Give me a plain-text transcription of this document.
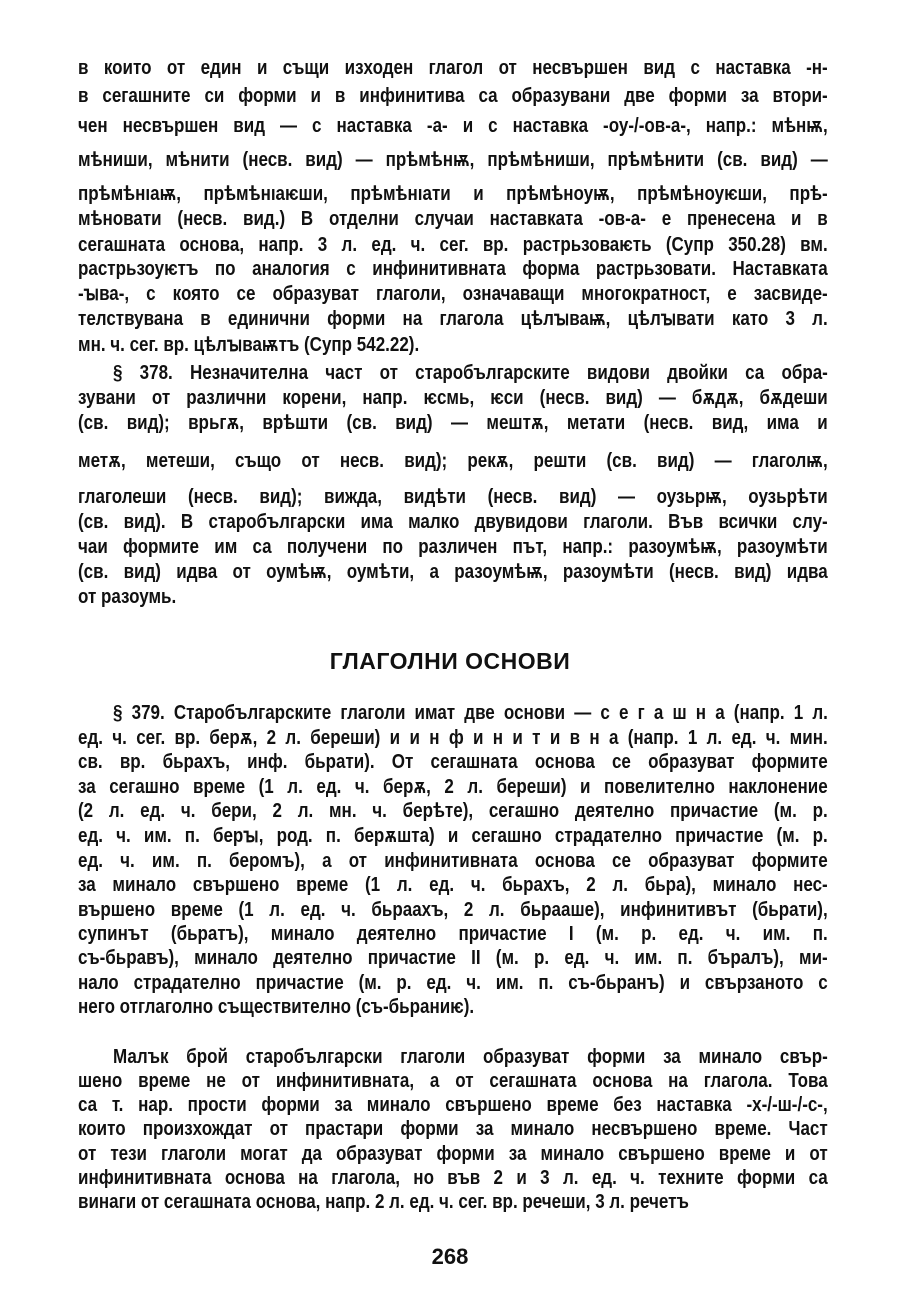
в които от един и същи изходен глагол от несвършен вид с наставка -н-
в сегашните си форми и в инфинитива са образувани две форми за втори-
чен несвършен вид — с наставка -а- и с наставка -оу-/-ов-а-, напр.: мѣнѭ,
мѣниши, мѣнити (несв. вид) — прѣмѣнѭ, прѣмѣниши, прѣмѣнити (св. вид) —
прѣмѣнıаѭ, прѣмѣнıаѥши, прѣмѣнıати и прѣмѣноуѭ, прѣмѣноуѥши, прѣ-
мѣновати (несв. вид.) В отделни случаи наставката -ов-а- е пренесена и в
сегашната основа, напр. 3 л. ед. ч. сег. вр. растрьзоваѥть (Супр 350.28) вм.
растрьзоуѥтъ по аналогия с инфинитивната форма растрьзовати. Наставката
-ꙑва-, с която се образуват глаголи, означаващи многократност, е засвиде-
телствувана в единични форми на глагола цѣлꙑваѭ, цѣлꙑвати като 3 л.
мн. ч. сег. вр. цѣлꙑваѭтъ (Супр 542.22).
§ 378. Незначителна част от старобългарските видови двойки са обра-
зувани от различни корени, напр. ѥсмь, ѥси (несв. вид) — бѫдѫ, бѫдеши
(св. вид); врьгѫ, врѣшти (св. вид) — мештѫ, метати (несв. вид, има и
метѫ, метеши, също от несв. вид); рекѫ, решти (св. вид) — глаголѭ,
глаголеши (несв. вид); вижда, видѣти (несв. вид) — оузьрѭ, оузьрѣти
(св. вид). В старобългарски има малко двувидови глаголи. Във всички слу-
чаи формите им са получени по различен път, напр.: разоумѣѭ, разоумѣти
(св. вид) идва от оумѣѭ, оумѣти, а разоумѣѭ, разоумѣти (несв. вид) идва
от разоумь.
ГЛАГОЛНИ ОСНОВИ
§ 379. Старобългарските глаголи имат две основи — с е г а ш н а (напр. 1 л.
ед. ч. сег. вр. берѫ, 2 л. береши) и и н ф и н и т и в н а (напр. 1 л. ед. ч. мин.
св. вр. бьрахъ, инф. бьрати). От сегашната основа се образуват формите
за сегашно време (1 л. ед. ч. берѫ, 2 л. береши) и повелително наклонение
(2 л. ед. ч. бери, 2 л. мн. ч. берѣте), сегашно деятелно причастие (м. р.
ед. ч. им. п. берꙑ, род. п. берѫшта) и сегашно страдателно причастие (м. р.
ед. ч. им. п. беромъ), а от инфинитивната основа се образуват формите
за минало свършено време (1 л. ед. ч. бьрахъ, 2 л. бьра), минало нес-
вършено време (1 л. ед. ч. бьраахъ, 2 л. бьрааше), инфинитивът (бьрати),
супинът (бьратъ), минало деятелно причастие I (м. р. ед. ч. им. п.
съ-бьравъ), минало деятелно причастие II (м. р. ед. ч. им. п. бъралъ), ми-
нало страдателно причастие (м. р. ед. ч. им. п. съ-бьранъ) и свързаното с
него отглаголно съществително (съ-бьраниѥ).
Малък брой старобългарски глаголи образуват форми за минало свър-
шено време не от инфинитивната, а от сегашната основа на глагола. Това
са т. нар. прости форми за минало свършено време без наставка -х-/-ш-/-с-,
които произхождат от прастари форми за минало несвършено време. Част
от тези глаголи могат да образуват форми за минало свършено време и от
инфинитивната основа на глагола, но във 2 и 3 л. ед. ч. техните форми са
винаги от сегашната основа, напр. 2 л. ед. ч. сег. вр. речеши, 3 л. речетъ
268
